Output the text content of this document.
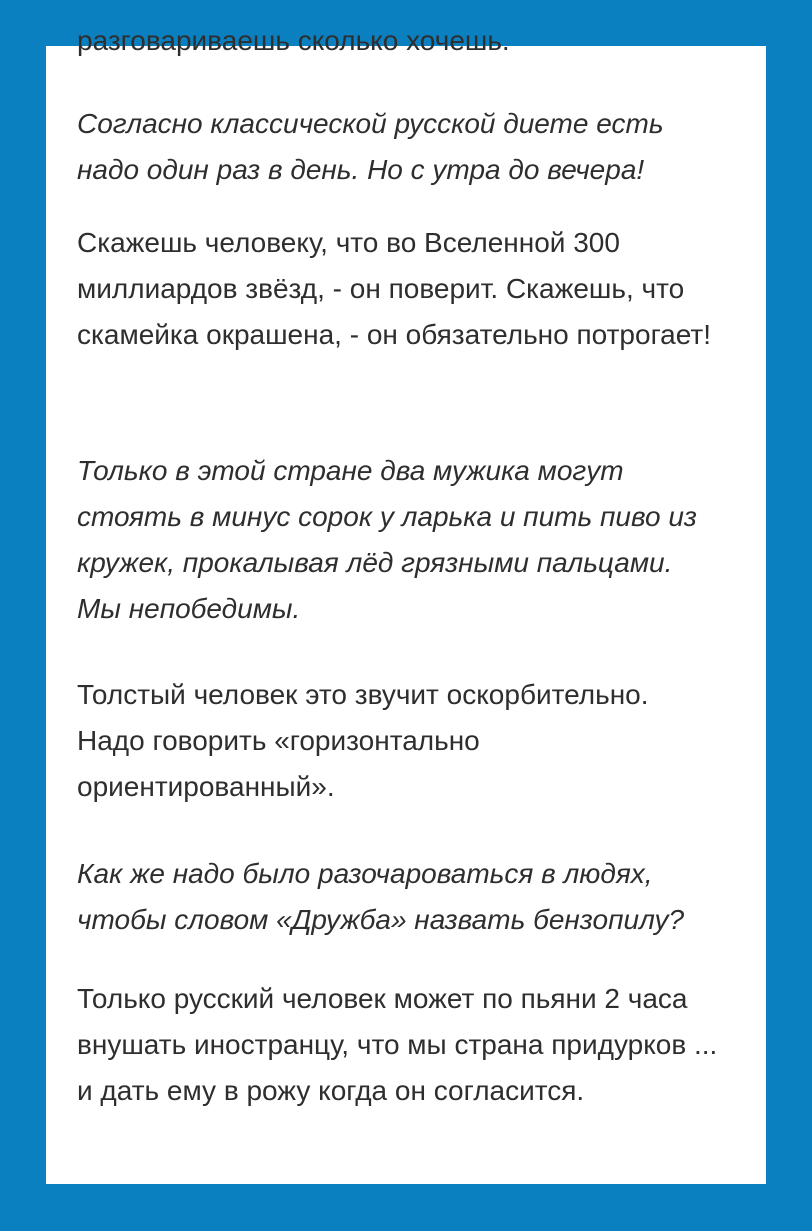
разговариваешь сколько хочешь.

Согласно классической русской диете есть надо один раз в день. Но с утра до вечера!

Скажешь человеку, что во Вселенной 300 миллиардов звёзд, - он поверит. Скажешь, что скамейка окрашена, - он обязательно потрогает!

Только в этой стране два мужика могут стоять в минус сорок у ларька и пить пиво из кружек, прокалывая лёд грязными пальцами. Мы непобедимы.

Толстый человек это звучит оскорбительно. Надо говорить «горизонтально ориентированный».

Как же надо было разочароваться в людях, чтобы словом «Дружба» назвать бензопилу?

Только русский человек может по пьяни 2 часа внушать иностранцу, что мы страна придурков ... и дать ему в рожу когда он согласится.
